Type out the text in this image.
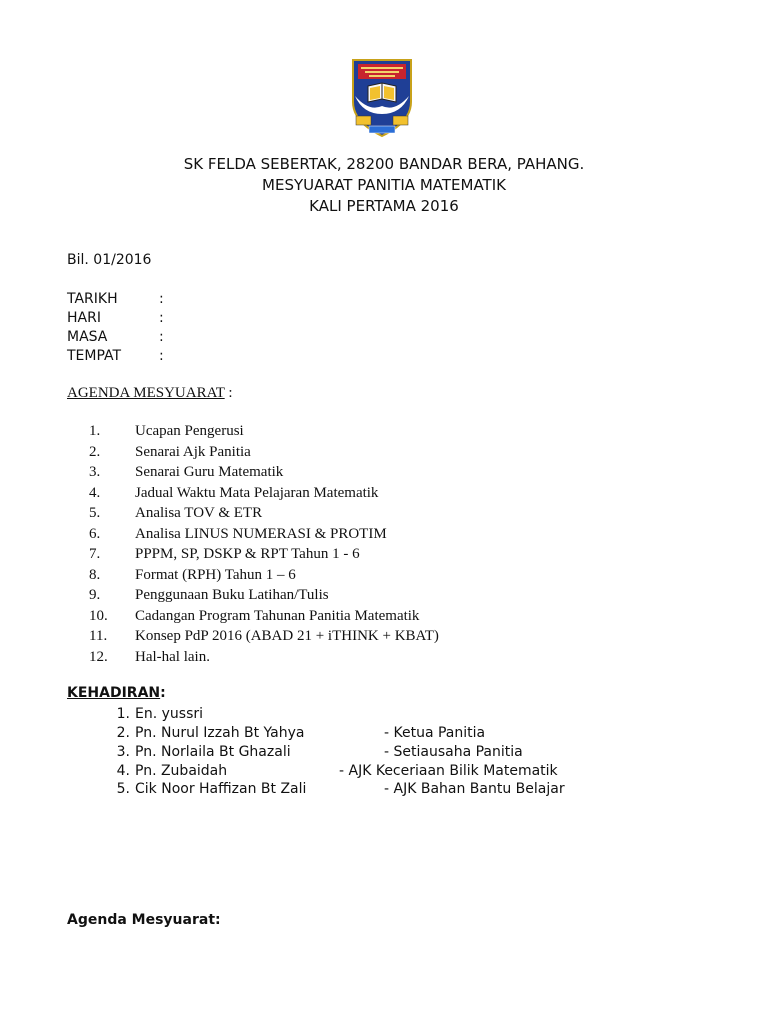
SK FELDA SEBERTAK, 28200 BANDAR BERA, PAHANG.
MESYUARAT PANITIA MATEMATIK
KALI PERTAMA 2016
Bil. 01/2016
TARIKH	:
HARI	:
MASA	:
TEMPAT	:
AGENDA MESYUARAT :
1. Ucapan Pengerusi
2. Senarai Ajk Panitia
3. Senarai Guru Matematik
4. Jadual Waktu Mata Pelajaran Matematik
5. Analisa TOV & ETR
6. Analisa LINUS NUMERASI & PROTIM
7. PPPM, SP, DSKP & RPT Tahun 1 - 6
8. Format (RPH) Tahun 1 – 6
9. Penggunaan Buku Latihan/Tulis
10. Cadangan Program Tahunan Panitia Matematik
11. Konsep PdP 2016 (ABAD 21 + iTHINK + KBAT)
12. Hal-hal lain.
KEHADIRAN:
1. En. yussri
2. Pn. Nurul Izzah Bt Yahya	- Ketua Panitia
3. Pn. Norlaila Bt Ghazali	- Setiausaha Panitia
4. Pn. Zubaidah	- AJK Keceriaan Bilik Matematik
5. Cik Noor Haffizan Bt Zali	- AJK Bahan Bantu Belajar
Agenda Mesyuarat:
